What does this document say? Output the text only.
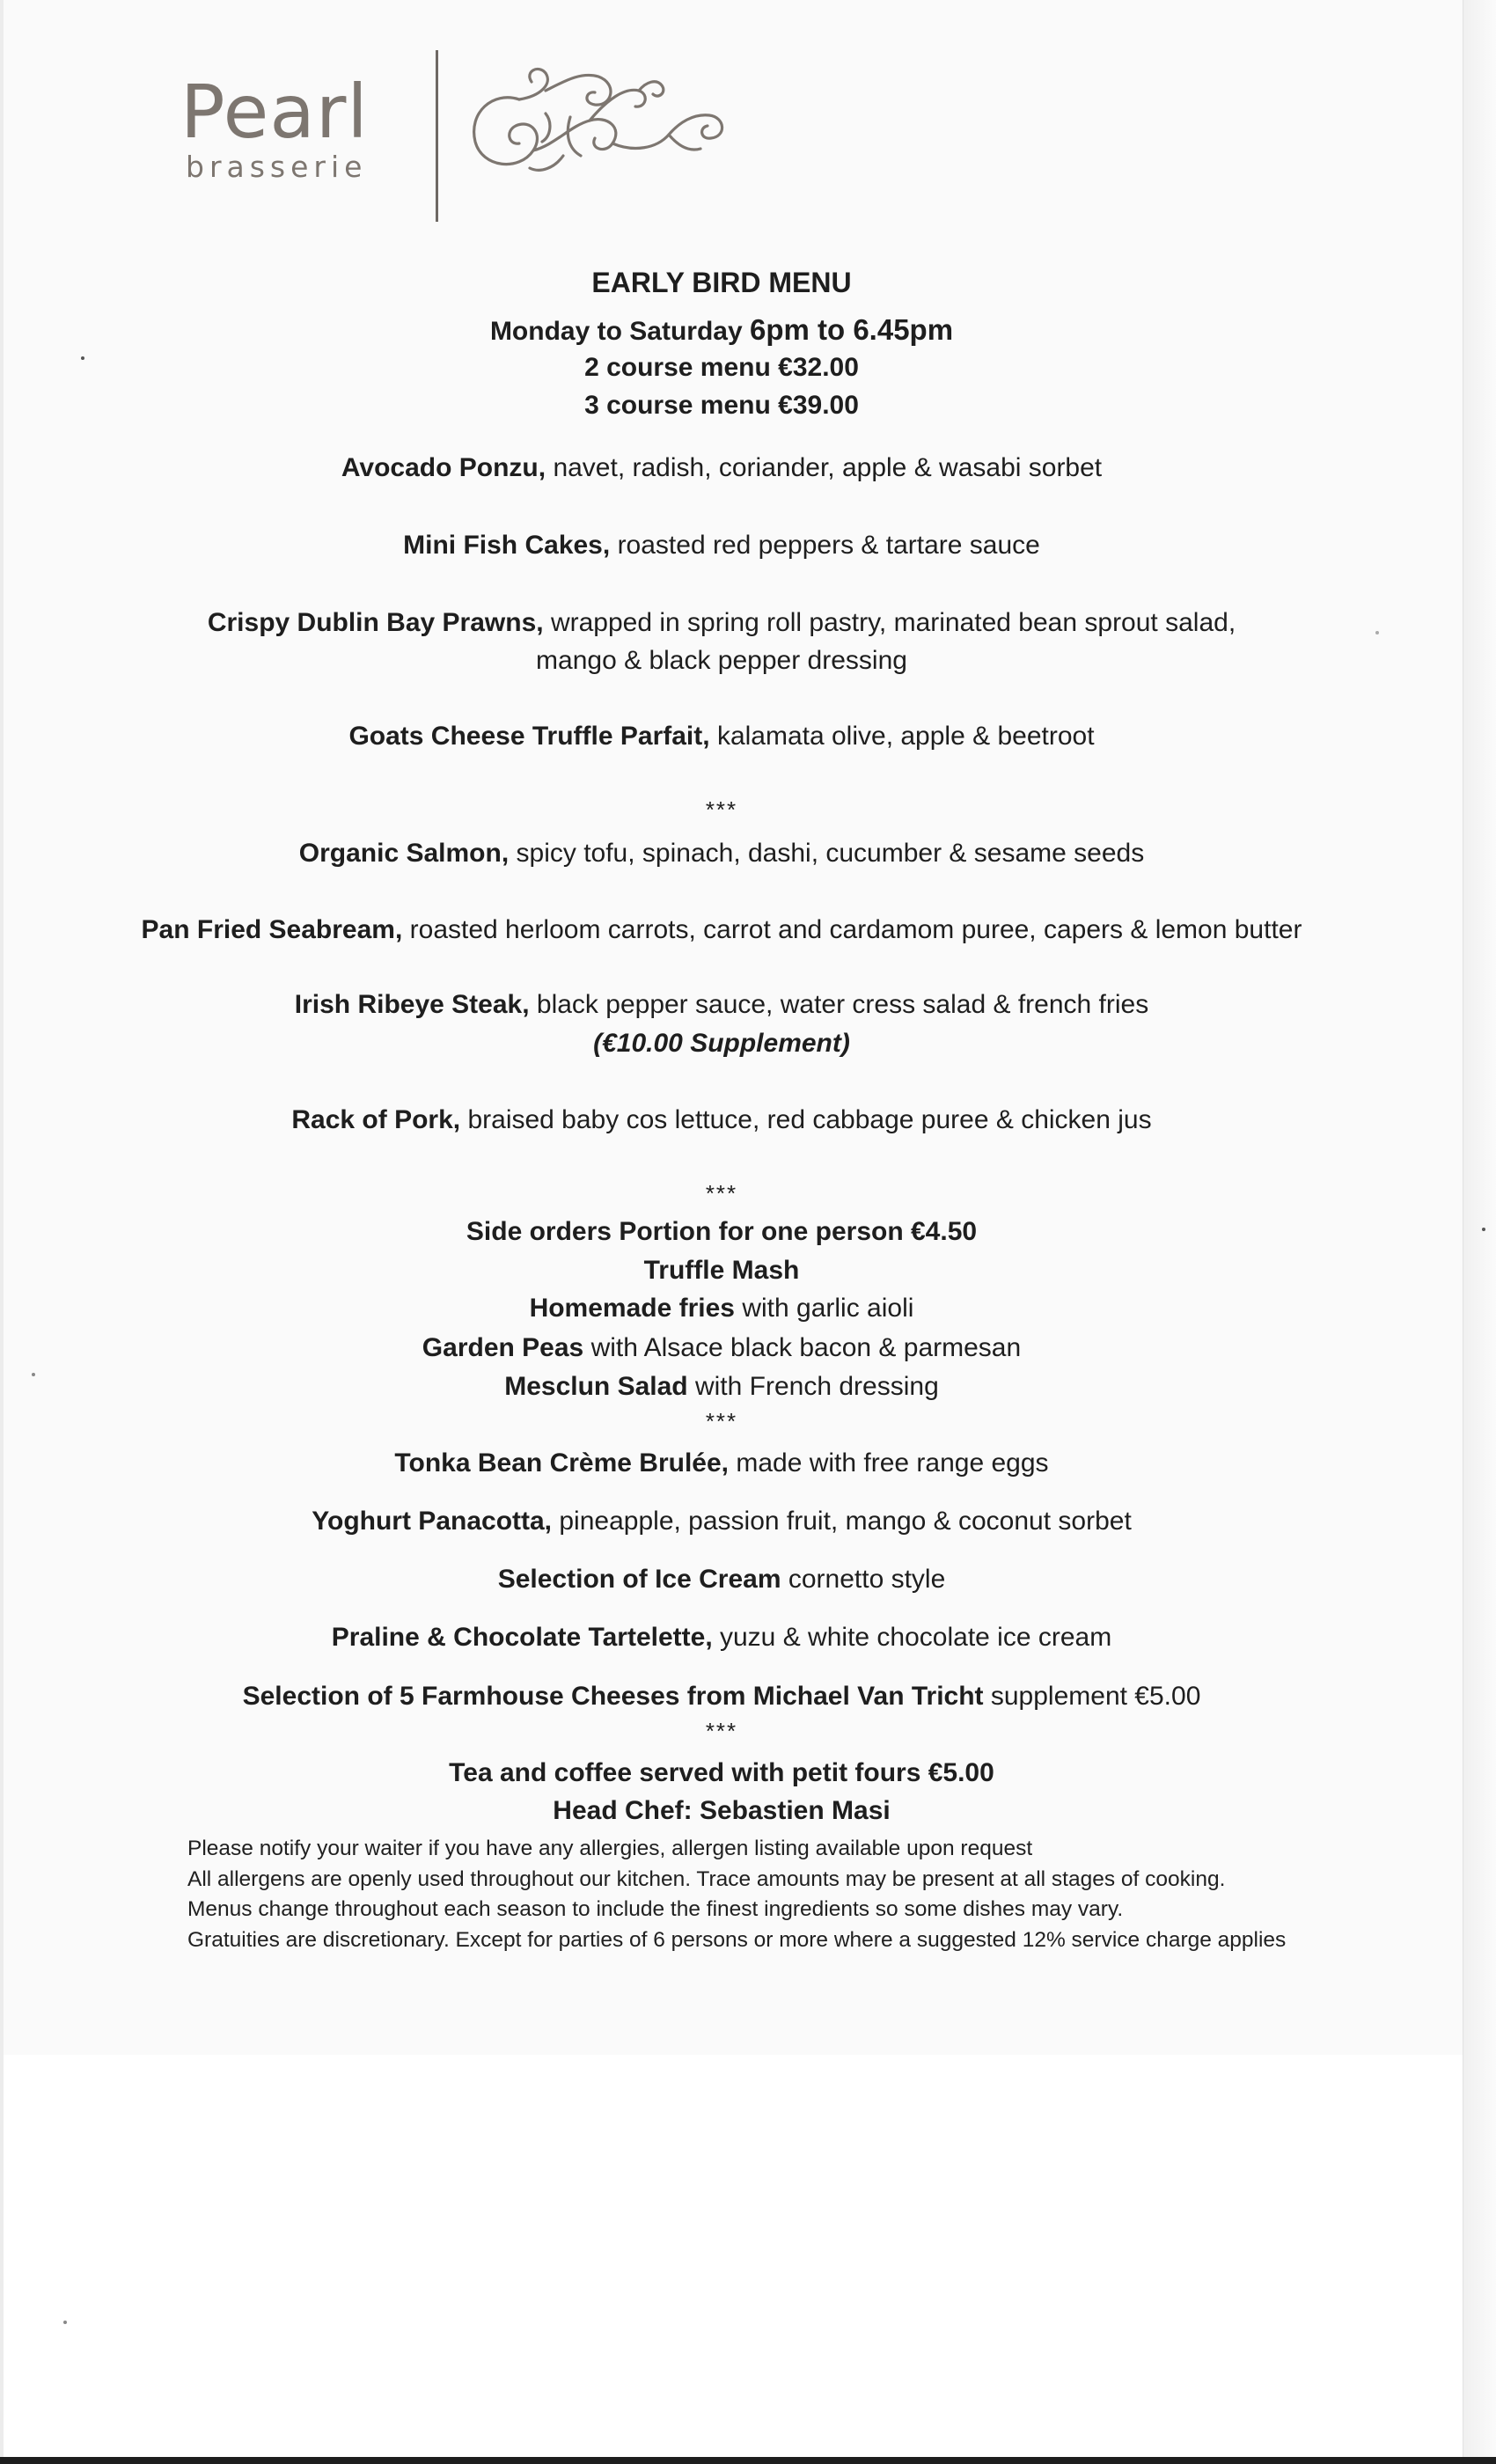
Pearl
brasserie
EARLY BIRD MENU
Monday to Saturday 6pm to 6.45pm
2 course menu €32.00
3 course menu €39.00
Avocado Ponzu, navet, radish, coriander, apple & wasabi sorbet
Mini Fish Cakes, roasted red peppers & tartare sauce
Crispy Dublin Bay Prawns, wrapped in spring roll pastry, marinated bean sprout salad,
mango & black pepper dressing
Goats Cheese Truffle Parfait, kalamata olive, apple & beetroot
***
Organic Salmon, spicy tofu, spinach, dashi, cucumber & sesame seeds
Pan Fried Seabream, roasted herloom carrots, carrot and cardamom puree, capers & lemon butter
Irish Ribeye Steak, black pepper sauce, water cress salad & french fries
(€10.00 Supplement)
Rack of Pork, braised baby cos lettuce, red cabbage puree & chicken jus
***
Side orders Portion for one person €4.50
Truffle Mash
Homemade fries with garlic aioli
Garden Peas with Alsace black bacon & parmesan
Mesclun Salad with French dressing
***
Tonka Bean Crème Brulée, made with free range eggs
Yoghurt Panacotta, pineapple, passion fruit, mango & coconut sorbet
Selection of Ice Cream cornetto style
Praline & Chocolate Tartelette, yuzu & white chocolate ice cream
Selection of 5 Farmhouse Cheeses from Michael Van Tricht supplement €5.00
***
Tea and coffee served with petit fours €5.00
Head Chef: Sebastien Masi
Please notify your waiter if you have any allergies, allergen listing available upon request
All allergens are openly used throughout our kitchen. Trace amounts may be present at all stages of cooking.
Menus change throughout each season to include the finest ingredients so some dishes may vary.
Gratuities are discretionary. Except for parties of 6 persons or more where a suggested 12% service charge applies
